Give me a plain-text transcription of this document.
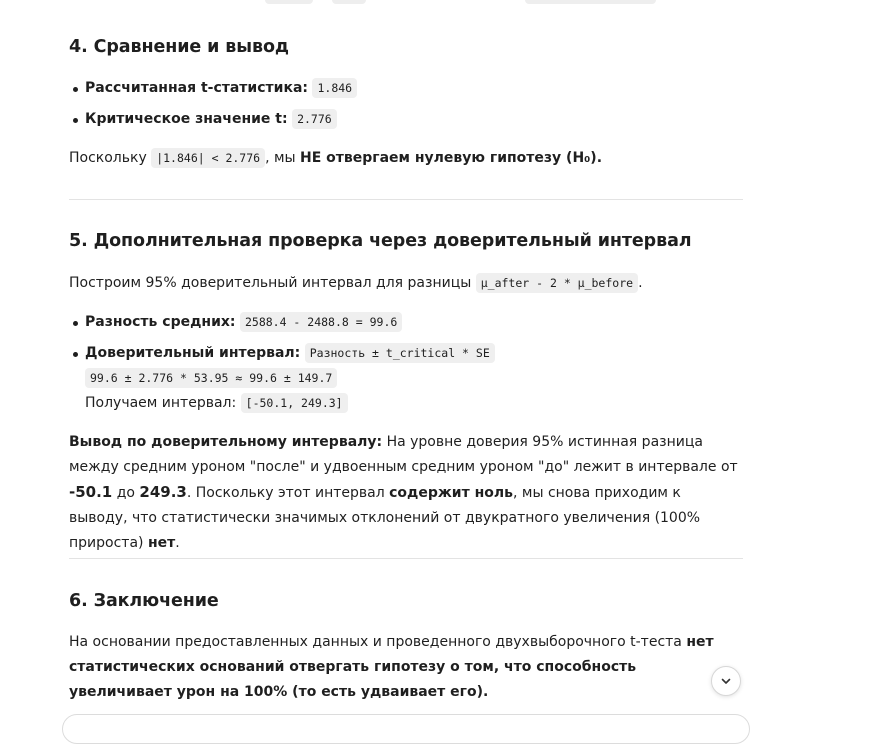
4. Сравнение и вывод
Рассчитанная t-статистика: 1.846
Критическое значение t: 2.776

Поскольку |1.846| < 2.776 , мы НЕ отвергаем нулевую гипотезу (H₀).

5. Дополнительная проверка через доверительный интервал

Построим 95% доверительный интервал для разницы μ_after - 2 * μ_before .

Разность средних: 2588.4 - 2488.8 = 99.6
Доверительный интервал: Разность ± t_critical * SE
99.6 ± 2.776 * 53.95 ≈ 99.6 ± 149.7
Получаем интервал: [-50.1, 249.3]

Вывод по доверительному интервалу: На уровне доверия 95% истинная разница между средним уроном "после" и удвоенным средним уроном "до" лежит в интервале от -50.1 до 249.3. Поскольку этот интервал содержит ноль, мы снова приходим к выводу, что статистически значимых отклонений от двукратного увеличения (100% прироста) нет.

6. Заключение

На основании предоставленных данных и проведенного двухвыборочного t-теста нет статистических оснований отвергать гипотезу о том, что способность увеличивает урон на 100% (то есть удваивает его).
